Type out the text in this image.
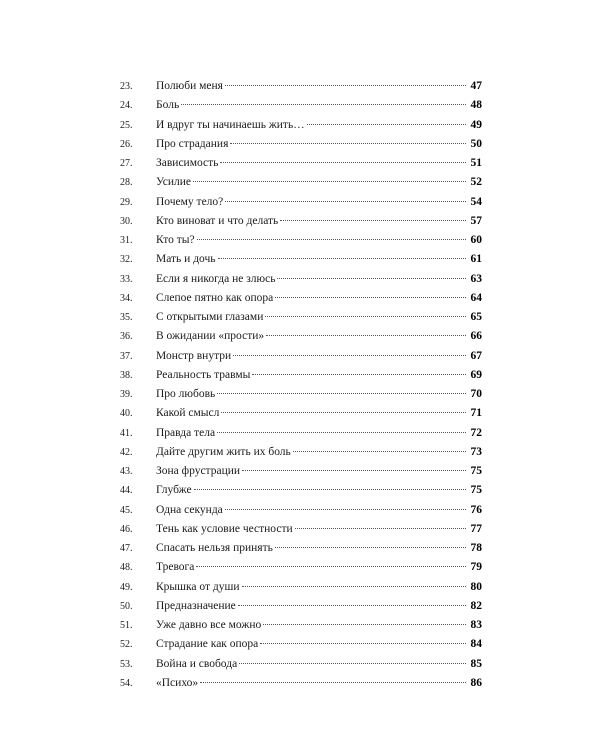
23.	Полюби меня	47
24.	Боль	48
25.	И вдруг ты начинаешь жить…	49
26.	Про страдания	50
27.	Зависимость	51
28.	Усилие	52
29.	Почему тело?	54
30.	Кто виноват и что делать	57
31.	Кто ты?	60
32.	Мать и дочь	61
33.	Если я никогда не злюсь	63
34.	Слепое пятно как опора	64
35.	С открытыми глазами	65
36.	В ожидании «прости»	66
37.	Монстр внутри	67
38.	Реальность травмы	69
39.	Про любовь	70
40.	Какой смысл	71
41.	Правда тела	72
42.	Дайте другим жить их боль	73
43.	Зона фрустрации	75
44.	Глубже	75
45.	Одна секунда	76
46.	Тень как условие честности	77
47.	Спасать нельзя принять	78
48.	Тревога	79
49.	Крышка от души	80
50.	Предназначение	82
51.	Уже давно все можно	83
52.	Страдание как опора	84
53.	Война и свобода	85
54.	«Психо»	86
